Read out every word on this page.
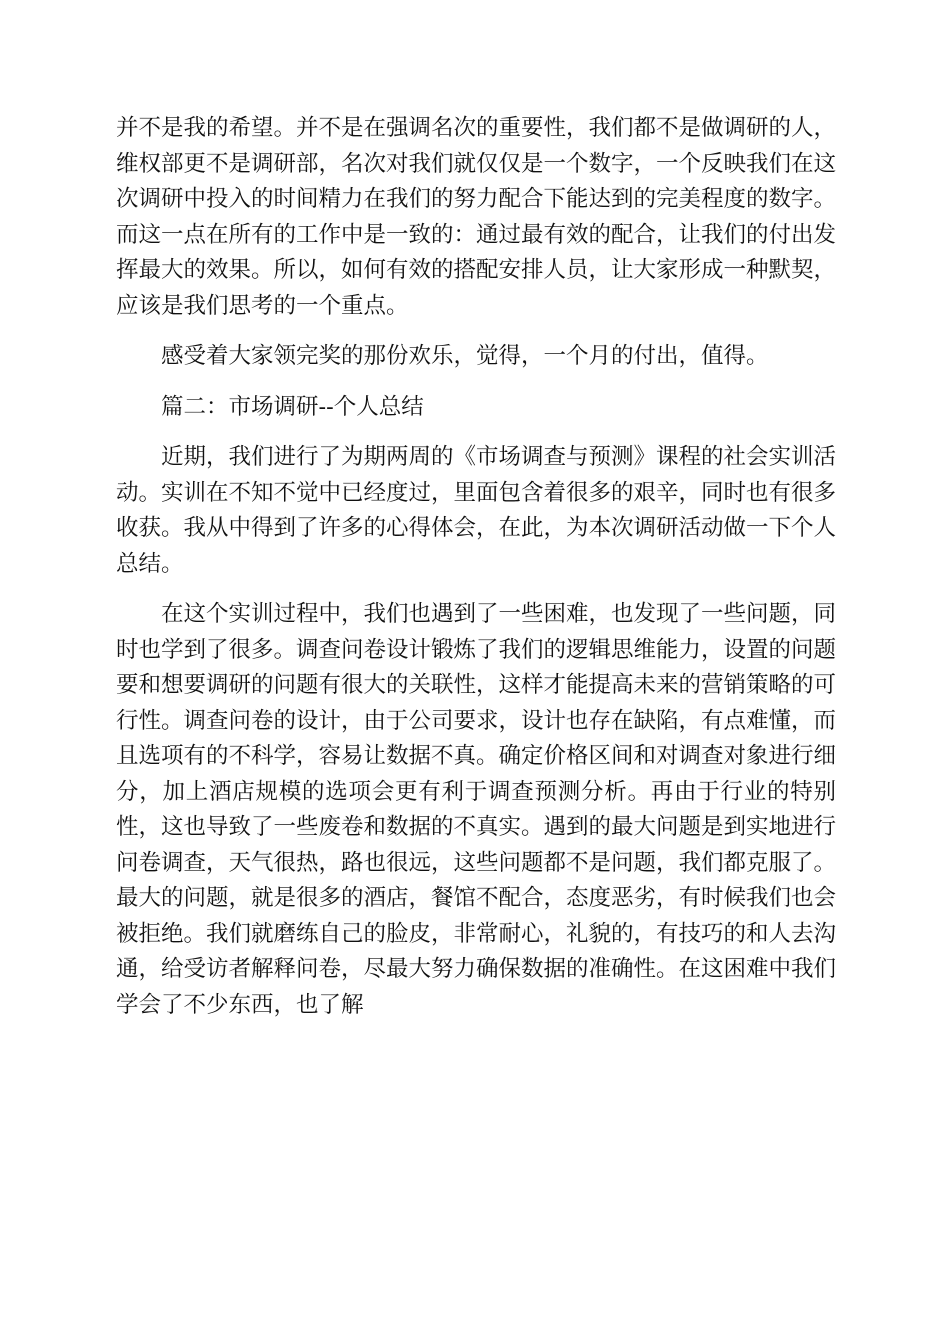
并不是我的希望。并不是在强调名次的重要性，我们都不是做调研的人，维权部更不是调研部，名次对我们就仅仅是一个数字，一个反映我们在这次调研中投入的时间精力在我们的努力配合下能达到的完美程度的数字。而这一点在所有的工作中是一致的：通过最有效的配合，让我们的付出发挥最大的效果。所以，如何有效的搭配安排人员，让大家形成一种默契，应该是我们思考的一个重点。

感受着大家领完奖的那份欢乐，觉得，一个月的付出，值得。

篇二：市场调研--个人总结

近期，我们进行了为期两周的《市场调查与预测》课程的社会实训活动。实训在不知不觉中已经度过，里面包含着很多的艰辛，同时也有很多收获。我从中得到了许多的心得体会，在此，为本次调研活动做一下个人总结。

在这个实训过程中，我们也遇到了一些困难，也发现了一些问题，同时也学到了很多。调查问卷设计锻炼了我们的逻辑思维能力，设置的问题要和想要调研的问题有很大的关联性，这样才能提高未来的营销策略的可行性。调查问卷的设计，由于公司要求，设计也存在缺陷，有点难懂，而且选项有的不科学，容易让数据不真。确定价格区间和对调查对象进行细分，加上酒店规模的选项会更有利于调查预测分析。再由于行业的特别性，这也导致了一些废卷和数据的不真实。遇到的最大问题是到实地进行问卷调查，天气很热，路也很远，这些问题都不是问题，我们都克服了。最大的问题，就是很多的酒店，餐馆不配合，态度恶劣，有时候我们也会被拒绝。我们就磨练自己的脸皮，非常耐心，礼貌的，有技巧的和人去沟通，给受访者解释问卷，尽最大努力确保数据的准确性。在这困难中我们学会了不少东西，也了解
